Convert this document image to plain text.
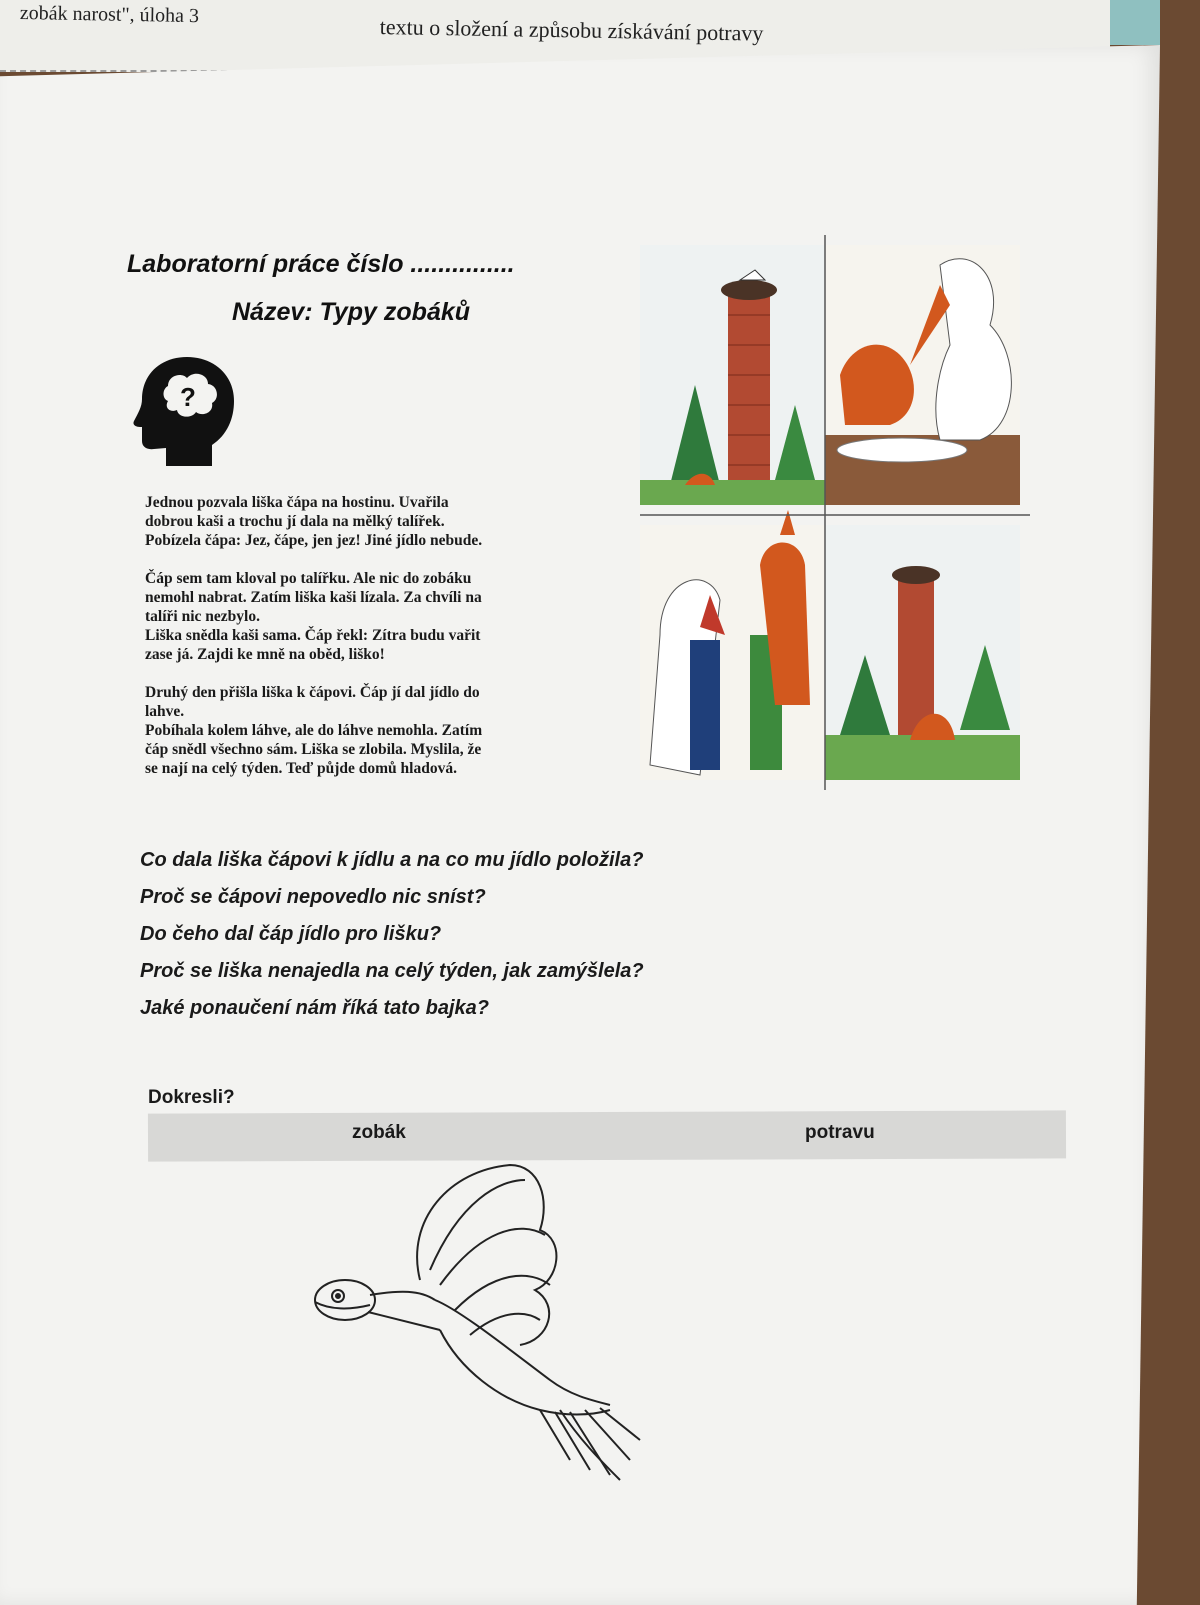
zobák narost", úloha 3	textu o složení a způsobu získávání potravy
Laboratorní práce číslo ...............
Název: Typy zobáků
?

Jednou pozvala liška čápa na hostinu. Uvařila
dobrou kaši a trochu jí dala na mělký talířek.
Pobízela čápa: Jez, čápe, jen jez! Jiné jídlo nebude.

Čáp sem tam kloval po talířku. Ale nic do zobáku
nemohl nabrat. Zatím liška kaši lízala. Za chvíli na
talíři nic nezbylo.
Liška snědla kaši sama. Čáp řekl: Zítra budu vařit
zase já. Zajdi ke mně na oběd, liško!

Druhý den přišla liška k čápovi. Čáp jí dal jídlo do
lahve.
Pobíhala kolem láhve, ale do láhve nemohla. Zatím
čáp snědl všechno sám. Liška se zlobila. Myslila, že
se nají na celý týden. Teď půjde domů hladová.

Co dala liška čápovi k jídlu a na co mu jídlo položila?
Proč se čápovi nepovedlo nic sníst?
Do čeho dal čáp jídlo pro lišku?
Proč se liška nenajedla na celý týden, jak zamýšlela?
Jaké ponaučení nám říká tato bajka?
Dokresli?
zobák	potravu
